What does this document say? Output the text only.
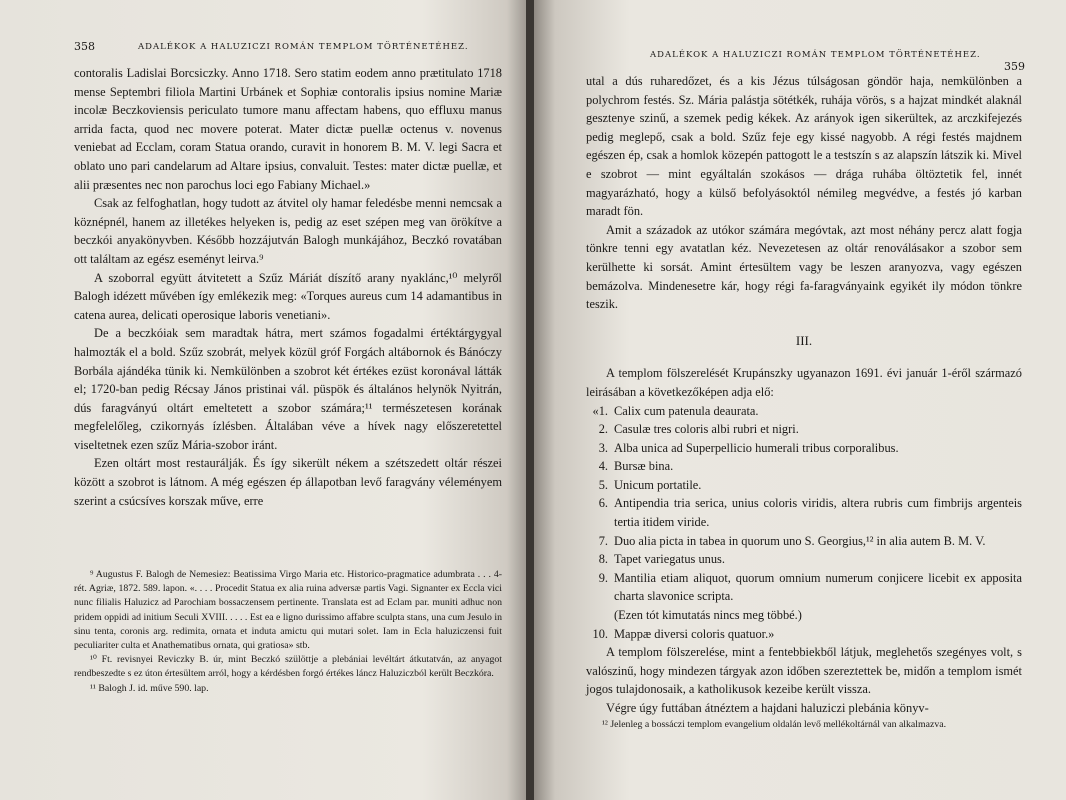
358	ADALÉKOK A HALUZICZI ROMÁN TEMPLOM TÖRTÉNETÉHEZ.

contoralis Ladislai Borcsiczky. Anno 1718. Sero statim eodem anno prætitulato 1718 mense Septembri filiola Martini Urbánek et Sophiæ contoralis ipsius nomine Mariæ incolæ Beczkoviensis periculato tumore manu affectam habens, quo effluxu manus arrida facta, quod nec movere poterat. Mater dictæ puellæ octenus v. novenus veniebat ad Ecclam, coram Statua orando, curavit in honorem B. M. V. legi Sacra et oblato uno pari candelarum ad Altare ipsius, convaluit. Testes: mater dictæ puellæ, et alii præsentes nec non parochus loci ego Fabiany Michael.»

Csak az felfoghatlan, hogy tudott az átvitel oly hamar feledésbe menni nemcsak a köznépnél, hanem az illetékes helyeken is, pedig az eset szépen meg van örökítve a beczkói anyakönyvben. Később hozzájutván Balogh munkájához, Beczkó rovatában ott találtam az egész eseményt leirva.⁹

A szoborral együtt átvitetett a Szűz Máriát díszítő arany nyaklánc,¹⁰ melyről Balogh idézett művében így emlékezik meg: «Torques aureus cum 14 adamantibus in catena aurea, delicati operosique laboris venetiani».

De a beczkóiak sem maradtak hátra, mert számos fogadalmi értéktárgygyal halmozták el a bold. Szűz szobrát, melyek közül gróf Forgách altábornok és Bánóczy Borbála ajándéka tünik ki. Nemkülönben a szobrot két értékes ezüst koronával látták el; 1720-ban pedig Récsay János pristinai vál. püspök és általános helynök Nyitrán, dús faragványú oltárt emeltetett a szobor számára;¹¹ természetesen korának megfelelőleg, czikornyás ízlésben. Általában véve a hívek nagy előszeretettel viseltetnek ezen szűz Mária-szobor iránt.

Ezen oltárt most restaurálják. És így sikerült nékem a szétszedett oltár részei között a szobrot is látnom. A még egészen ép állapotban levő faragvány véleményem szerint a csúcsíves korszak műve, erre

⁹ Augustus F. Balogh de Nemesiez: Beatissima Virgo Maria etc. Historico-pragmatice adumbrata . . . 4-rét. Agriæ, 1872. 589. lapon. «. . . . Procedit Statua ex alia ruina adversæ partis Vagi. Signanter ex Eccla vici nunc filialis Haluzicz ad Parochiam bossaczensem pertinente. Translata est ad Eclam par. muniti adhuc non pridem oppidi ad initium Seculi XVIII. . . . . Est ea e ligno durissimo affabre sculpta stans, una cum Jesulo in sinu tenta, coronis arg. redimita, ornata et induta amictu qui mutari solet. Iam in Ecla haluziczensi fuit peculiariter culta et Anathematibus ornata, qui gratiosa» stb.

¹⁰ Ft. revisnyei Reviczky B. úr, mint Beczkó szülöttje a plebániai levéltárt átkutatván, az anyagot rendbeszedte s ez úton értesültem arról, hogy a kérdésben forgó értékes láncz Haluziczból került Beczkóra.

¹¹ Balogh J. id. műve 590. lap.

ADALÉKOK A HALUZICZI ROMÁN TEMPLOM TÖRTÉNETÉHEZ.
359

utal a dús ruharedőzet, és a kis Jézus túlságosan göndör haja, nemkülönben a polychrom festés. Sz. Mária palástja sötétkék, ruhája vörös, s a hajzat mindkét alaknál gesztenye szinű, a szemek pedig kékek. Az arányok igen sikerültek, az arczkifejezés pedig meglepő, csak a bold. Szűz feje egy kissé nagyobb. A régi festés majdnem egészen ép, csak a homlok közepén pattogott le a testszín s az alapszín látszik ki. Mivel e szobrot — mint egyáltalán szokásos — drága ruhába öltöztetik fel, innét magyarázható, hogy a külső befolyásoktól némileg megvédve, a festés jó karban maradt fön.

Amit a századok az utókor számára megóvtak, azt most néhány percz alatt fogja tönkre tenni egy avatatlan kéz. Nevezetesen az oltár renoválásakor a szobor sem kerülhette ki sorsát. Amint értesültem vagy be leszen aranyozva, vagy egészen bemázolva. Mindenesetre kár, hogy régi fa-faragványaink egyikét ily módon tönkre teszik.

III.

A templom fölszerelését Krupánszky ugyanazon 1691. évi január 1-éről származó leirásában a következőképen adja elő:

«1. Calix cum patenula deaurata.
2. Casulæ tres coloris albi rubri et nigri.
3. Alba unica ad Superpellicio humerali tribus corporalibus.
4. Bursæ bina.
5. Unicum portatile.
6. Antipendia tria serica, unius coloris viridis, altera rubris cum fimbrijs argenteis tertia itidem viride.
7. Duo alia picta in tabea in quorum uno S. Georgius,¹² in alia autem B. M. V.
8. Tapet variegatus unus.
9. Mantilia etiam aliquot, quorum omnium numerum conjicere licebit ex apposita charta slavonice scripta.
(Ezen tót kimutatás nincs meg többé.)
10. Mappæ diversi coloris quatuor.»

A templom fölszerelése, mint a fentebbiekből látjuk, meglehetős szegényes volt, s valószinű, hogy mindezen tárgyak azon időben szereztettek be, midőn a templom ismét jogos tulajdonosaik, a katholikusok kezeibe került vissza.

Végre úgy futtában átnéztem a hajdani haluziczi plebánia könyv-

¹² Jelenleg a bossáczi templom evangelium oldalán levő mellékoltárnál van alkalmazva.
